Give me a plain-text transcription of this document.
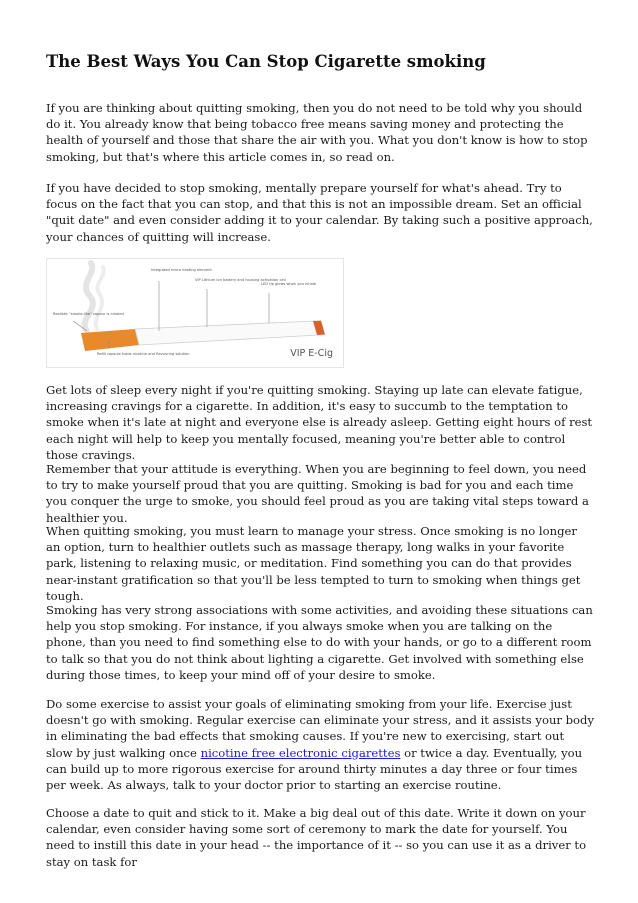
The Best Ways You Can Stop Cigarette smoking

If you are thinking about quitting smoking, then you do not need to be told why you should do it. You already know that being tobacco free means saving money and protecting the health of yourself and those that share the air with you. What you don't know is how to stop smoking, but that's where this article comes in, so read on.

If you have decided to stop smoking, mentally prepare yourself for what's ahead. Try to focus on the fact that you can stop, and that this is not an impossible dream. Set an official "quit date" and even consider adding it to your calendar. By taking such a positive approach, your chances of quitting will increase.

Integrated micro heating element
VIP Lithium ion battery and housing activation cell
LED tip glows when you inhale
Realistic "smoke-like" vapour is inhaled
Refill capsule holds nicotine and flavouring solution	VIP E-Cig

Get lots of sleep every night if you're quitting smoking. Staying up late can elevate fatigue, increasing cravings for a cigarette. In addition, it's easy to succumb to the temptation to smoke when it's late at night and everyone else is already asleep. Getting eight hours of rest each night will help to keep you mentally focused, meaning you're better able to control those cravings.

Remember that your attitude is everything. When you are beginning to feel down, you need to try to make yourself proud that you are quitting. Smoking is bad for you and each time you conquer the urge to smoke, you should feel proud as you are taking vital steps toward a healthier you.

When quitting smoking, you must learn to manage your stress. Once smoking is no longer an option, turn to healthier outlets such as massage therapy, long walks in your favorite park, listening to relaxing music, or meditation. Find something you can do that provides near-instant gratification so that you'll be less tempted to turn to smoking when things get tough.

Smoking has very strong associations with some activities, and avoiding these situations can help you stop smoking. For instance, if you always smoke when you are talking on the phone, than you need to find something else to do with your hands, or go to a different room to talk so that you do not think about lighting a cigarette. Get involved with something else during those times, to keep your mind off of your desire to smoke.

Do some exercise to assist your goals of eliminating smoking from your life. Exercise just doesn't go with smoking. Regular exercise can eliminate your stress, and it assists your body in eliminating the bad effects that smoking causes. If you're new to exercising, start out slow by just walking once nicotine free electronic cigarettes or twice a day. Eventually, you can build up to more rigorous exercise for around thirty minutes a day three or four times per week. As always, talk to your doctor prior to starting an exercise routine.

Choose a date to quit and stick to it. Make a big deal out of this date. Write it down on your calendar, even consider having some sort of ceremony to mark the date for yourself. You need to instill this date in your head -- the importance of it -- so you can use it as a driver to stay on task for
